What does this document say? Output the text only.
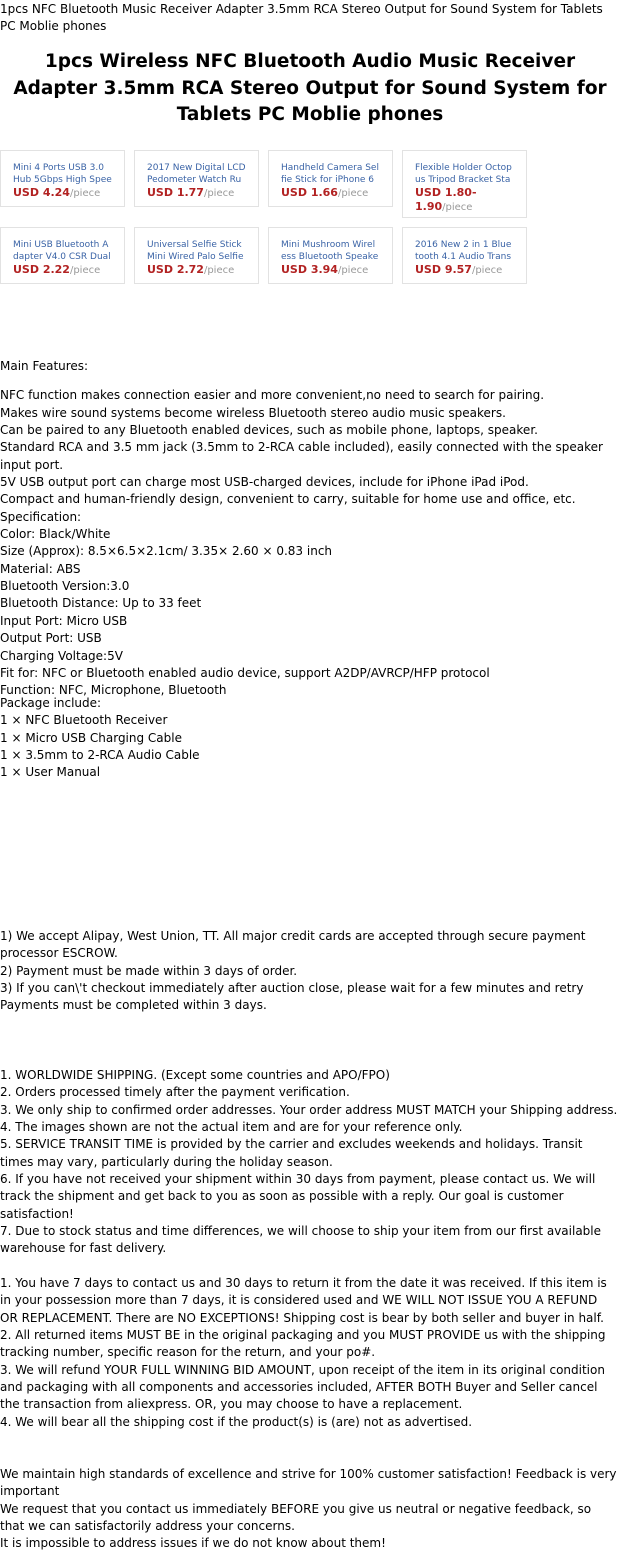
1pcs NFC Bluetooth Music Receiver Adapter 3.5mm RCA Stereo Output for Sound System for Tablets PC Moblie phones
1pcs Wireless NFC Bluetooth Audio Music Receiver Adapter 3.5mm RCA Stereo Output for Sound System for Tablets PC Moblie phones
Mini 4 Ports USB 3.0 Hub 5Gbps High Spee
USD 4.24/piece
2017 New Digital LCD Pedometer Watch Ru
USD 1.77/piece
Handheld Camera Selfie Stick for iPhone 6
USD 1.66/piece
Flexible Holder Octopus Tripod Bracket Sta
USD 1.80-1.90/piece
Mini USB Bluetooth Adapter V4.0 CSR Dual
USD 2.22/piece
Universal Selfie Stick Mini Wired Palo Selfie
USD 2.72/piece
Mini Mushroom Wireless Bluetooth Speake
USD 3.94/piece
2016 New 2 in 1 Bluetooth 4.1 Audio Trans
USD 9.57/piece
Main Features:
NFC function makes connection easier and more convenient,no need to search for pairing.
Makes wire sound systems become wireless Bluetooth stereo audio music speakers.
Can be paired to any Bluetooth enabled devices, such as mobile phone, laptops, speaker.
Standard RCA and 3.5 mm jack (3.5mm to 2-RCA cable included), easily connected with the speaker input port.
5V USB output port can charge most USB-charged devices, include for iPhone iPad iPod.
Compact and human-friendly design, convenient to carry, suitable for home use and office, etc.
Specification:
Color: Black/White
Size (Approx): 8.5×6.5×2.1cm/ 3.35× 2.60 × 0.83 inch
Material: ABS
Bluetooth Version:3.0
Bluetooth Distance: Up to 33 feet
Input Port: Micro USB
Output Port: USB
Charging Voltage:5V
Fit for: NFC or Bluetooth enabled audio device, support A2DP/AVRCP/HFP protocol
Function: NFC, Microphone, Bluetooth
Package include:
1 × NFC Bluetooth Receiver
1 × Micro USB Charging Cable
1 × 3.5mm to 2-RCA Audio Cable
1 × User Manual
1) We accept Alipay, West Union, TT. All major credit cards are accepted through secure payment processor ESCROW.
2) Payment must be made within 3 days of order.
3) If you can\'t checkout immediately after auction close, please wait for a few minutes and retry Payments must be completed within 3 days.
1. WORLDWIDE SHIPPING. (Except some countries and APO/FPO)
2. Orders processed timely after the payment verification.
3. We only ship to confirmed order addresses. Your order address MUST MATCH your Shipping address.
4. The images shown are not the actual item and are for your reference only.
5. SERVICE TRANSIT TIME is provided by the carrier and excludes weekends and holidays. Transit times may vary, particularly during the holiday season.
6. If you have not received your shipment within 30 days from payment, please contact us. We will track the shipment and get back to you as soon as possible with a reply. Our goal is customer satisfaction!
7. Due to stock status and time differences, we will choose to ship your item from our first available warehouse for fast delivery.
1. You have 7 days to contact us and 30 days to return it from the date it was received. If this item is in your possession more than 7 days, it is considered used and WE WILL NOT ISSUE YOU A REFUND OR REPLACEMENT. There are NO EXCEPTIONS! Shipping cost is bear by both seller and buyer in half.
2. All returned items MUST BE in the original packaging and you MUST PROVIDE us with the shipping tracking number, specific reason for the return, and your po#.
3. We will refund YOUR FULL WINNING BID AMOUNT, upon receipt of the item in its original condition and packaging with all components and accessories included, AFTER BOTH Buyer and Seller cancel the transaction from aliexpress. OR, you may choose to have a replacement.
4. We will bear all the shipping cost if the product(s) is (are) not as advertised.
We maintain high standards of excellence and strive for 100% customer satisfaction! Feedback is very important
We request that you contact us immediately BEFORE you give us neutral or negative feedback, so that we can satisfactorily address your concerns.
It is impossible to address issues if we do not know about them!
